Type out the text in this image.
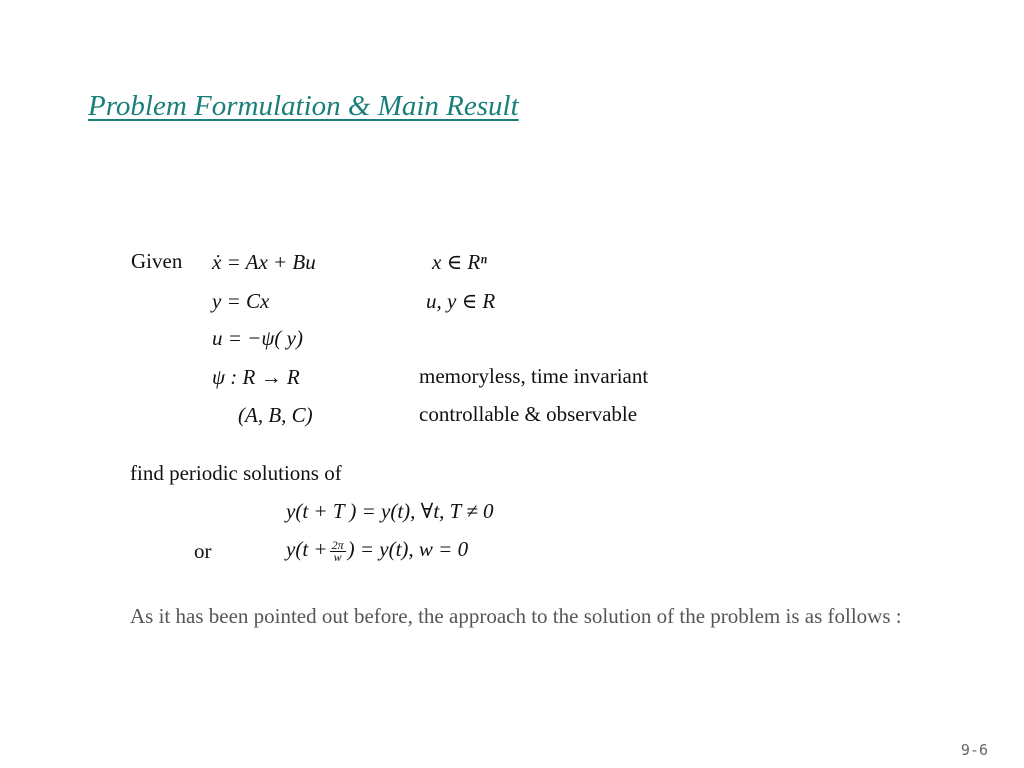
Problem Formulation & Main Result
Given ẋ = Ax + Bu	x ∈ Rⁿ
y = Cx	u, y ∈ R
u = −ψ( y)
ψ : R → R	memoryless, time invariant
(A, B, C)	controllable & observable
find periodic solutions of
y(t + T ) = y(t), ∀t, T ≠ 0
or	$y(t + \frac{2\pi}{w}$ ) = y(t), w = 0
As it has been pointed out before, the approach to the solution of the problem is as follows :
9-6
